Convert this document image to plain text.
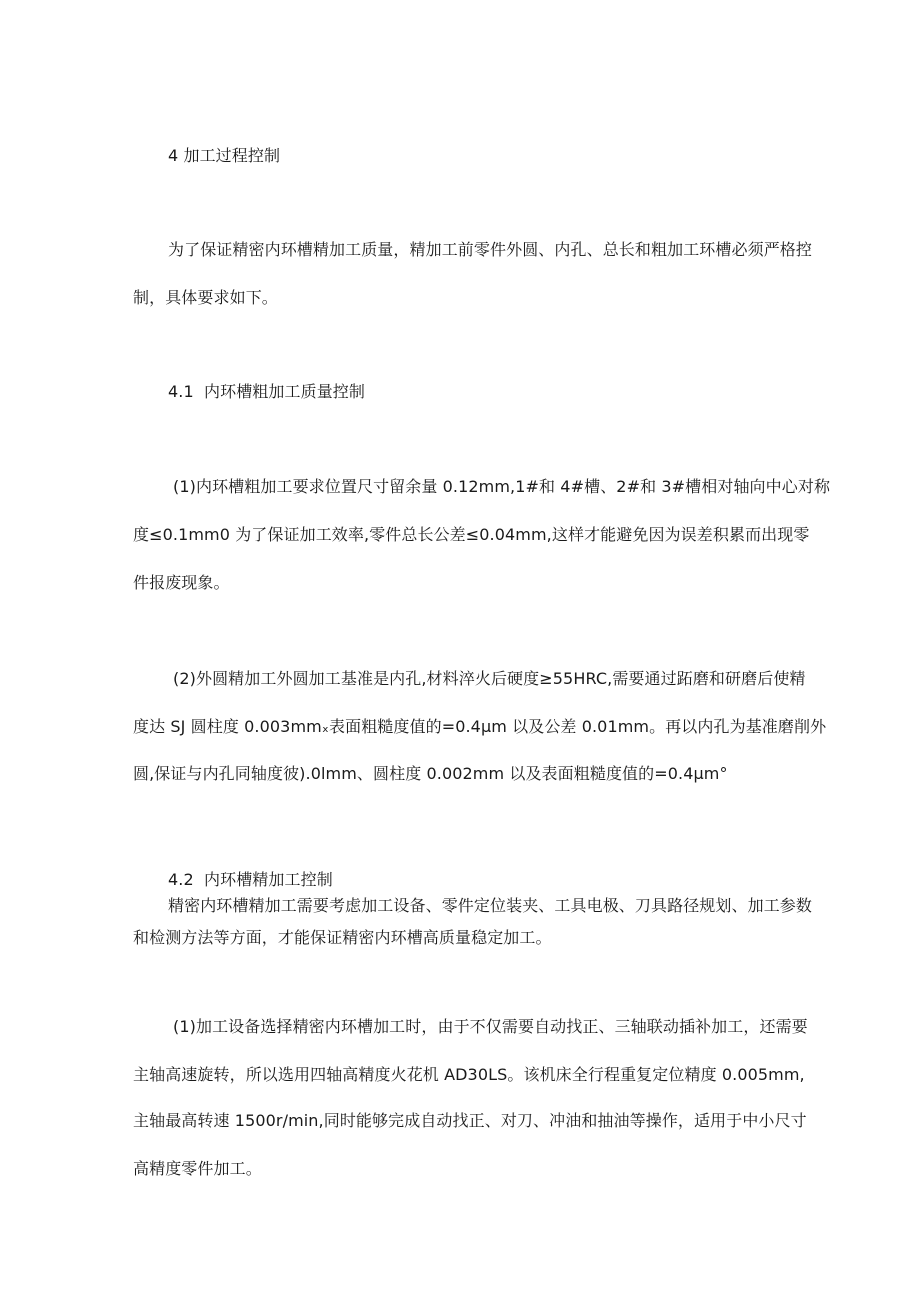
4 加工过程控制
为了保证精密内环槽精加工质量，精加工前零件外圆、内孔、总长和粗加工环槽必须严格控
制，具体要求如下。
4.1 内环槽粗加工质量控制
(1)内环槽粗加工要求位置尺寸留余量 0.12mm,1#和 4#槽、2#和 3#槽相对轴向中心对称
度≤0.1mm0 为了保证加工效率,零件总长公差≤0.04mm,这样才能避免因为误差积累而出现零
件报废现象。
(2)外圆精加工外圆加工基准是内孔,材料淬火后硬度≥55HRC,需要通过跖磨和研磨后使精
度达 SJ 圆柱度 0.003mmₓ表面粗糙度值的=0.4μm 以及公差 0.01mm。再以内孔为基准磨削外
圆,保证与内孔同轴度彼).0lmm、圆柱度 0.002mm 以及表面粗糙度值的=0.4μm°
4.2 内环槽精加工控制
精密内环槽精加工需要考虑加工设备、零件定位装夹、工具电极、刀具路径规划、加工参数
和检测方法等方面，才能保证精密内环槽高质量稳定加工。
(1)加工设备选择精密内环槽加工时，由于不仅需要自动找正、三轴联动插补加工，还需要
主轴高速旋转，所以选用四轴高精度火花机 AD30LS。该机床全行程重复定位精度 0.005mm,
主轴最高转速 1500r/min,同时能够完成自动找正、对刀、冲油和抽油等操作，适用于中小尺寸
高精度零件加工。
